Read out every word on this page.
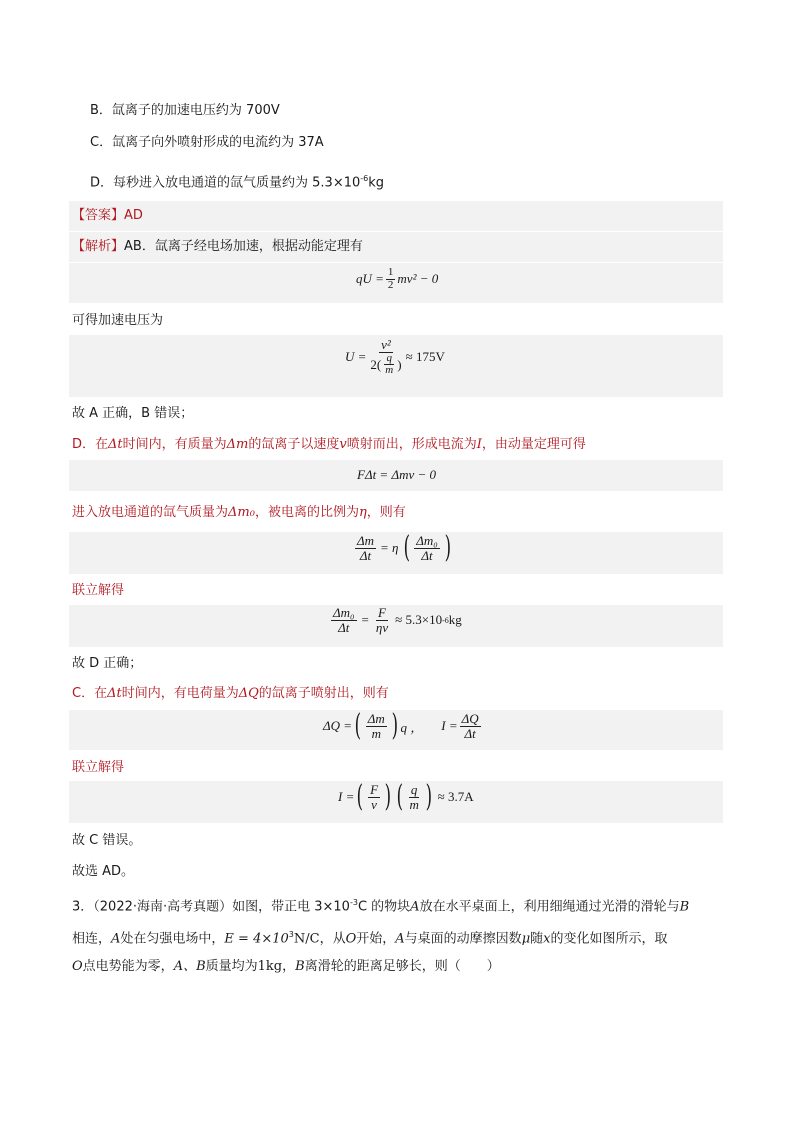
B．氙离子的加速电压约为 700V
C．氙离子向外喷射形成的电流约为 37A
D．每秒进入放电通道的氙气质量约为 $5.3\times 10^{-6}kg$
【答案】AD
【解析】AB．氙离子经电场加速，根据动能定理有
qU = $\frac{1}{2} mv^2 - 0$
可得加速电压为
$U = \frac{\text{v²}}{2( \frac{q}{m} )} \approx 175V$
故 A 正确，B 错误；
D．在Δt时间内，有质量为Δm的氙离子以速度v喷射而出，形成电流为I，由动量定理可得
FΔt = Δmv − 0
进入放电通道的氙气质量为Δm₀，被电离的比例为η，则有
$\frac{\Delta m}{\Delta t} = \eta$ ( $\frac{\text{Δm₀}}{\Delta t}$ )
联立解得
$\frac{\text{Δm₀}}{\Delta t} = \frac{F}{\eta v} \approx 5.3\times 10$ -6 kg
故 D 正确；
C．在Δt时间内，有电荷量为ΔQ的氙离子喷射出，则有
ΔQ = ( $\frac{\Delta m}{m}$ ) q ， $I = \frac{\Delta Q}{\Delta t}$
联立解得
I = ( $\frac{F}{v}$ ) ( $\frac{q}{m}$ ) ≈ 3.7A
故 C 错误。
故选 AD。
3．（2022·海南·高考真题）如图，带正电 $3\times 10^{-3}C$ 的物块A放在水平桌面上，利用细绳通过光滑的滑轮与B
相连，A处在匀强电场中，$E = 4\times 10^3N/C$，从O开始，A与桌面的动摩擦因数μ随x的变化如图所示，取
O点电势能为零，A、B质量均为1kg，B离滑轮的距离足够长，则（　　）
